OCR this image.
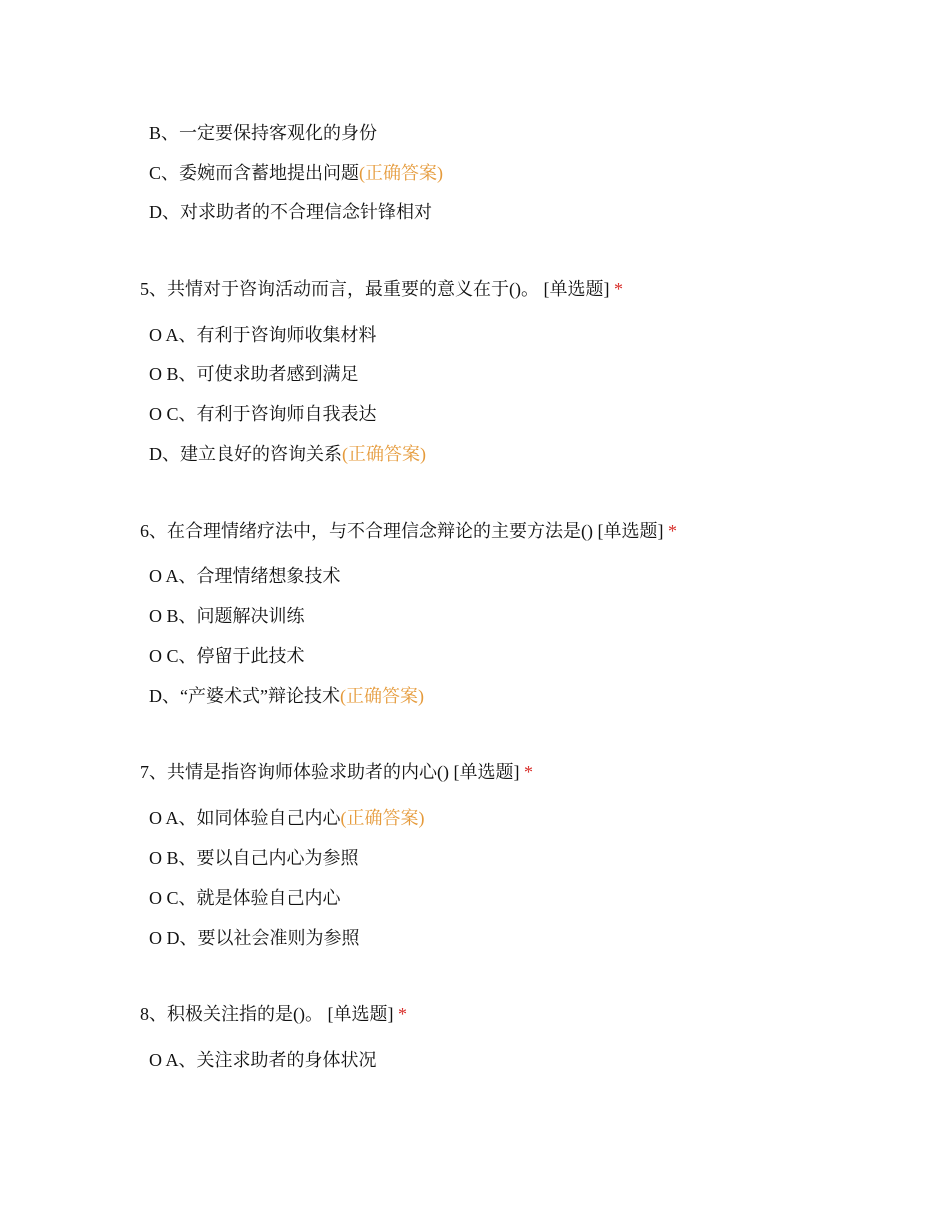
B、一定要保持客观化的身份
C、委婉而含蓄地提出问题(正确答案)
D、对求助者的不合理信念针锋相对
5、共情对于咨询活动而言，最重要的意义在于()。 [单选题] *
O A、有利于咨询师收集材料
O B、可使求助者感到满足
O C、有利于咨询师自我表达
D、建立良好的咨询关系(正确答案)
6、在合理情绪疗法中，与不合理信念辩论的主要方法是() [单选题] *
O A、合理情绪想象技术
O B、问题解决训练
O C、停留于此技术
D、“产婆术式”辩论技术(正确答案)
7、共情是指咨询师体验求助者的内心() [单选题] *
O A、如同体验自己内心(正确答案)
O B、要以自己内心为参照
O C、就是体验自己内心
O D、要以社会准则为参照
8、积极关注指的是()。 [单选题] *
O A、关注求助者的身体状况
